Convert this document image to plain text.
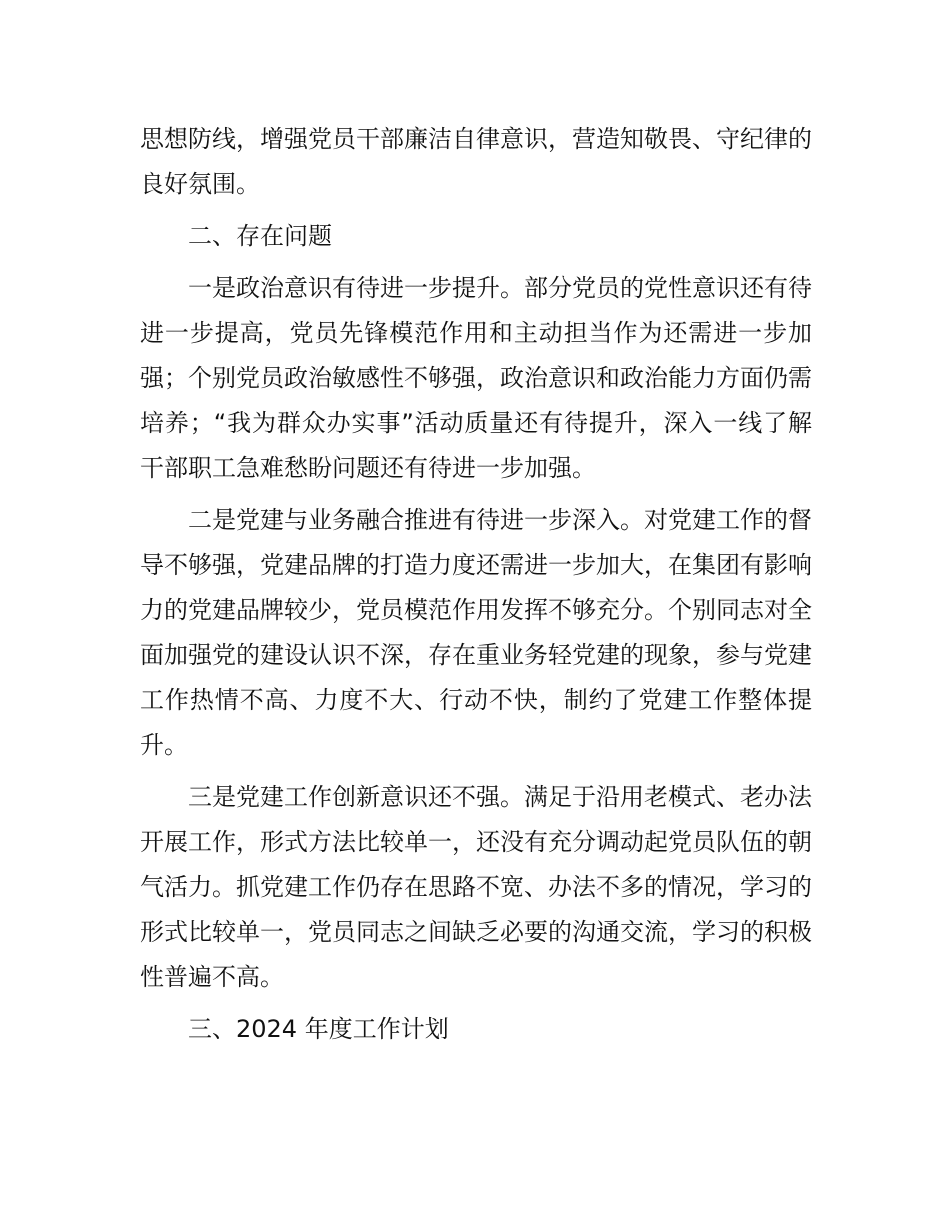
思想防线，增强党员干部廉洁自律意识，营造知敬畏、守纪律的良好氛围。

二、存在问题

一是政治意识有待进一步提升。部分党员的党性意识还有待进一步提高，党员先锋模范作用和主动担当作为还需进一步加强；个别党员政治敏感性不够强，政治意识和政治能力方面仍需培养；“我为群众办实事”活动质量还有待提升，深入一线了解干部职工急难愁盼问题还有待进一步加强。

二是党建与业务融合推进有待进一步深入。对党建工作的督导不够强，党建品牌的打造力度还需进一步加大，在集团有影响力的党建品牌较少，党员模范作用发挥不够充分。个别同志对全面加强党的建设认识不深，存在重业务轻党建的现象，参与党建工作热情不高、力度不大、行动不快，制约了党建工作整体提升。

三是党建工作创新意识还不强。满足于沿用老模式、老办法开展工作，形式方法比较单一，还没有充分调动起党员队伍的朝气活力。抓党建工作仍存在思路不宽、办法不多的情况，学习的形式比较单一，党员同志之间缺乏必要的沟通交流，学习的积极性普遍不高。

三、2024 年度工作计划
